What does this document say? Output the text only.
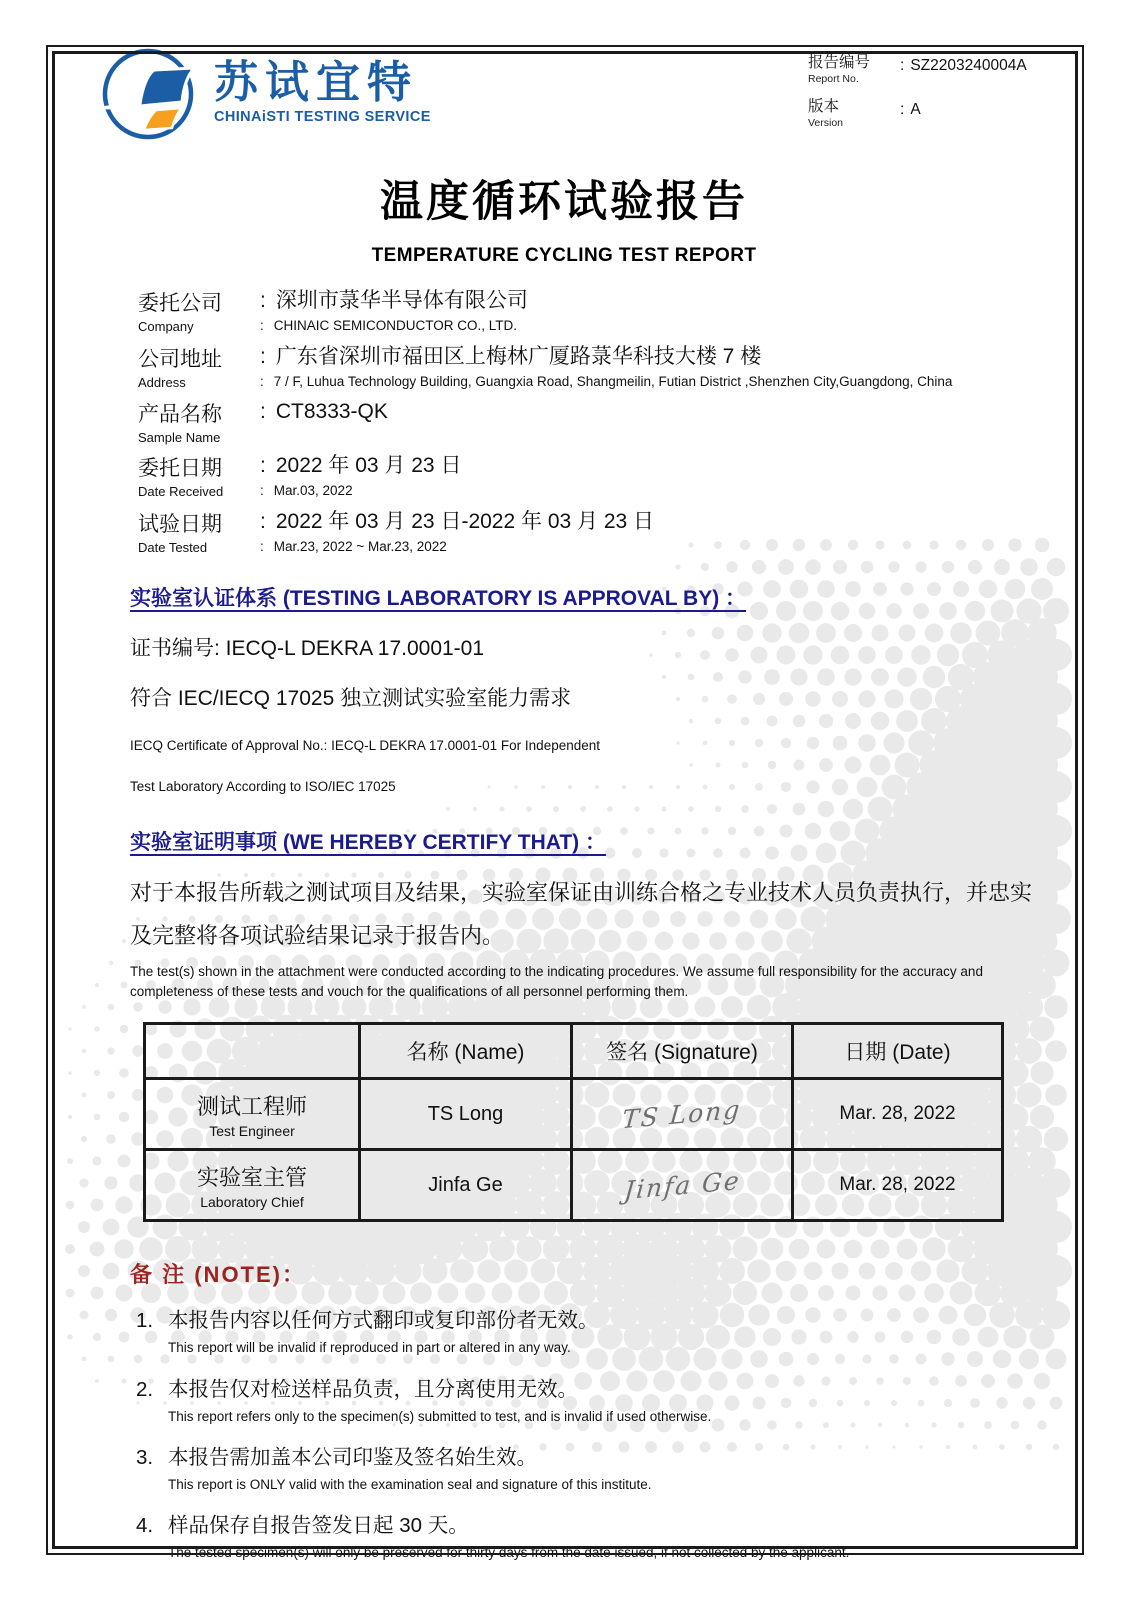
苏试宜特
CHINAiSTI TESTING SERVICE
报告编号
Report No.
: SZ2203240004A
版本
Version
: A
温度循环试验报告
TEMPERATURE CYCLING TEST REPORT
委托公司
Company
: 深圳市菉华半导体有限公司
: CHINAIC SEMICONDUCTOR CO., LTD.
公司地址
Address
: 广东省深圳市福田区上梅林广厦路菉华科技大楼 7 楼
: 7 / F, Luhua Technology Building, Guangxia Road, Shangmeilin, Futian District ,Shenzhen City,Guangdong, China
产品名称
Sample Name
: CT8333-QK
委托日期
Date Received
: 2022 年 03 月 23 日
: Mar.03, 2022
试验日期
Date Tested
: 2022 年 03 月 23 日-2022 年 03 月 23 日
: Mar.23, 2022 ~ Mar.23, 2022
实验室认证体系 (TESTING LABORATORY IS APPROVAL BY) ：
证书编号: IECQ-L DEKRA 17.0001-01
符合 IEC/IECQ 17025 独立测试实验室能力需求
IECQ Certificate of Approval No.: IECQ-L DEKRA 17.0001-01 For Independent
Test Laboratory According to ISO/IEC 17025
实验室证明事项 (WE HEREBY CERTIFY THAT) ：

对于本报告所载之测试项目及结果，实验室保证由训练合格之专业技术人员负责执行，并忠实及完整将各项试验结果记录于报告内。

The test(s) shown in the attachment were conducted according to the indicating procedures. We assume full responsibility for the accuracy and completeness of these tests and vouch for the qualifications of all personnel performing them.

	名称 (Name)	签名 (Signature)	日期 (Date)

测试工程师
Test Engineer	TS Long	TS Long	Mar. 28, 2022

实验室主管
Laboratory Chief	Jinfa Ge	Jinfa Ge	Mar. 28, 2022
备 注 (NOTE)：
1. 本报告内容以任何方式翻印或复印部份者无效。
This report will be invalid if reproduced in part or altered in any way.
2. 本报告仅对检送样品负责，且分离使用无效。
This report refers only to the specimen(s) submitted to test, and is invalid if used otherwise.
3. 本报告需加盖本公司印鉴及签名始生效。
This report is ONLY valid with the examination seal and signature of this institute.
4. 样品保存自报告签发日起 30 天。
The tested specimen(s) will only be preserved for thirty days from the date issued, if not collected by the applicant.
